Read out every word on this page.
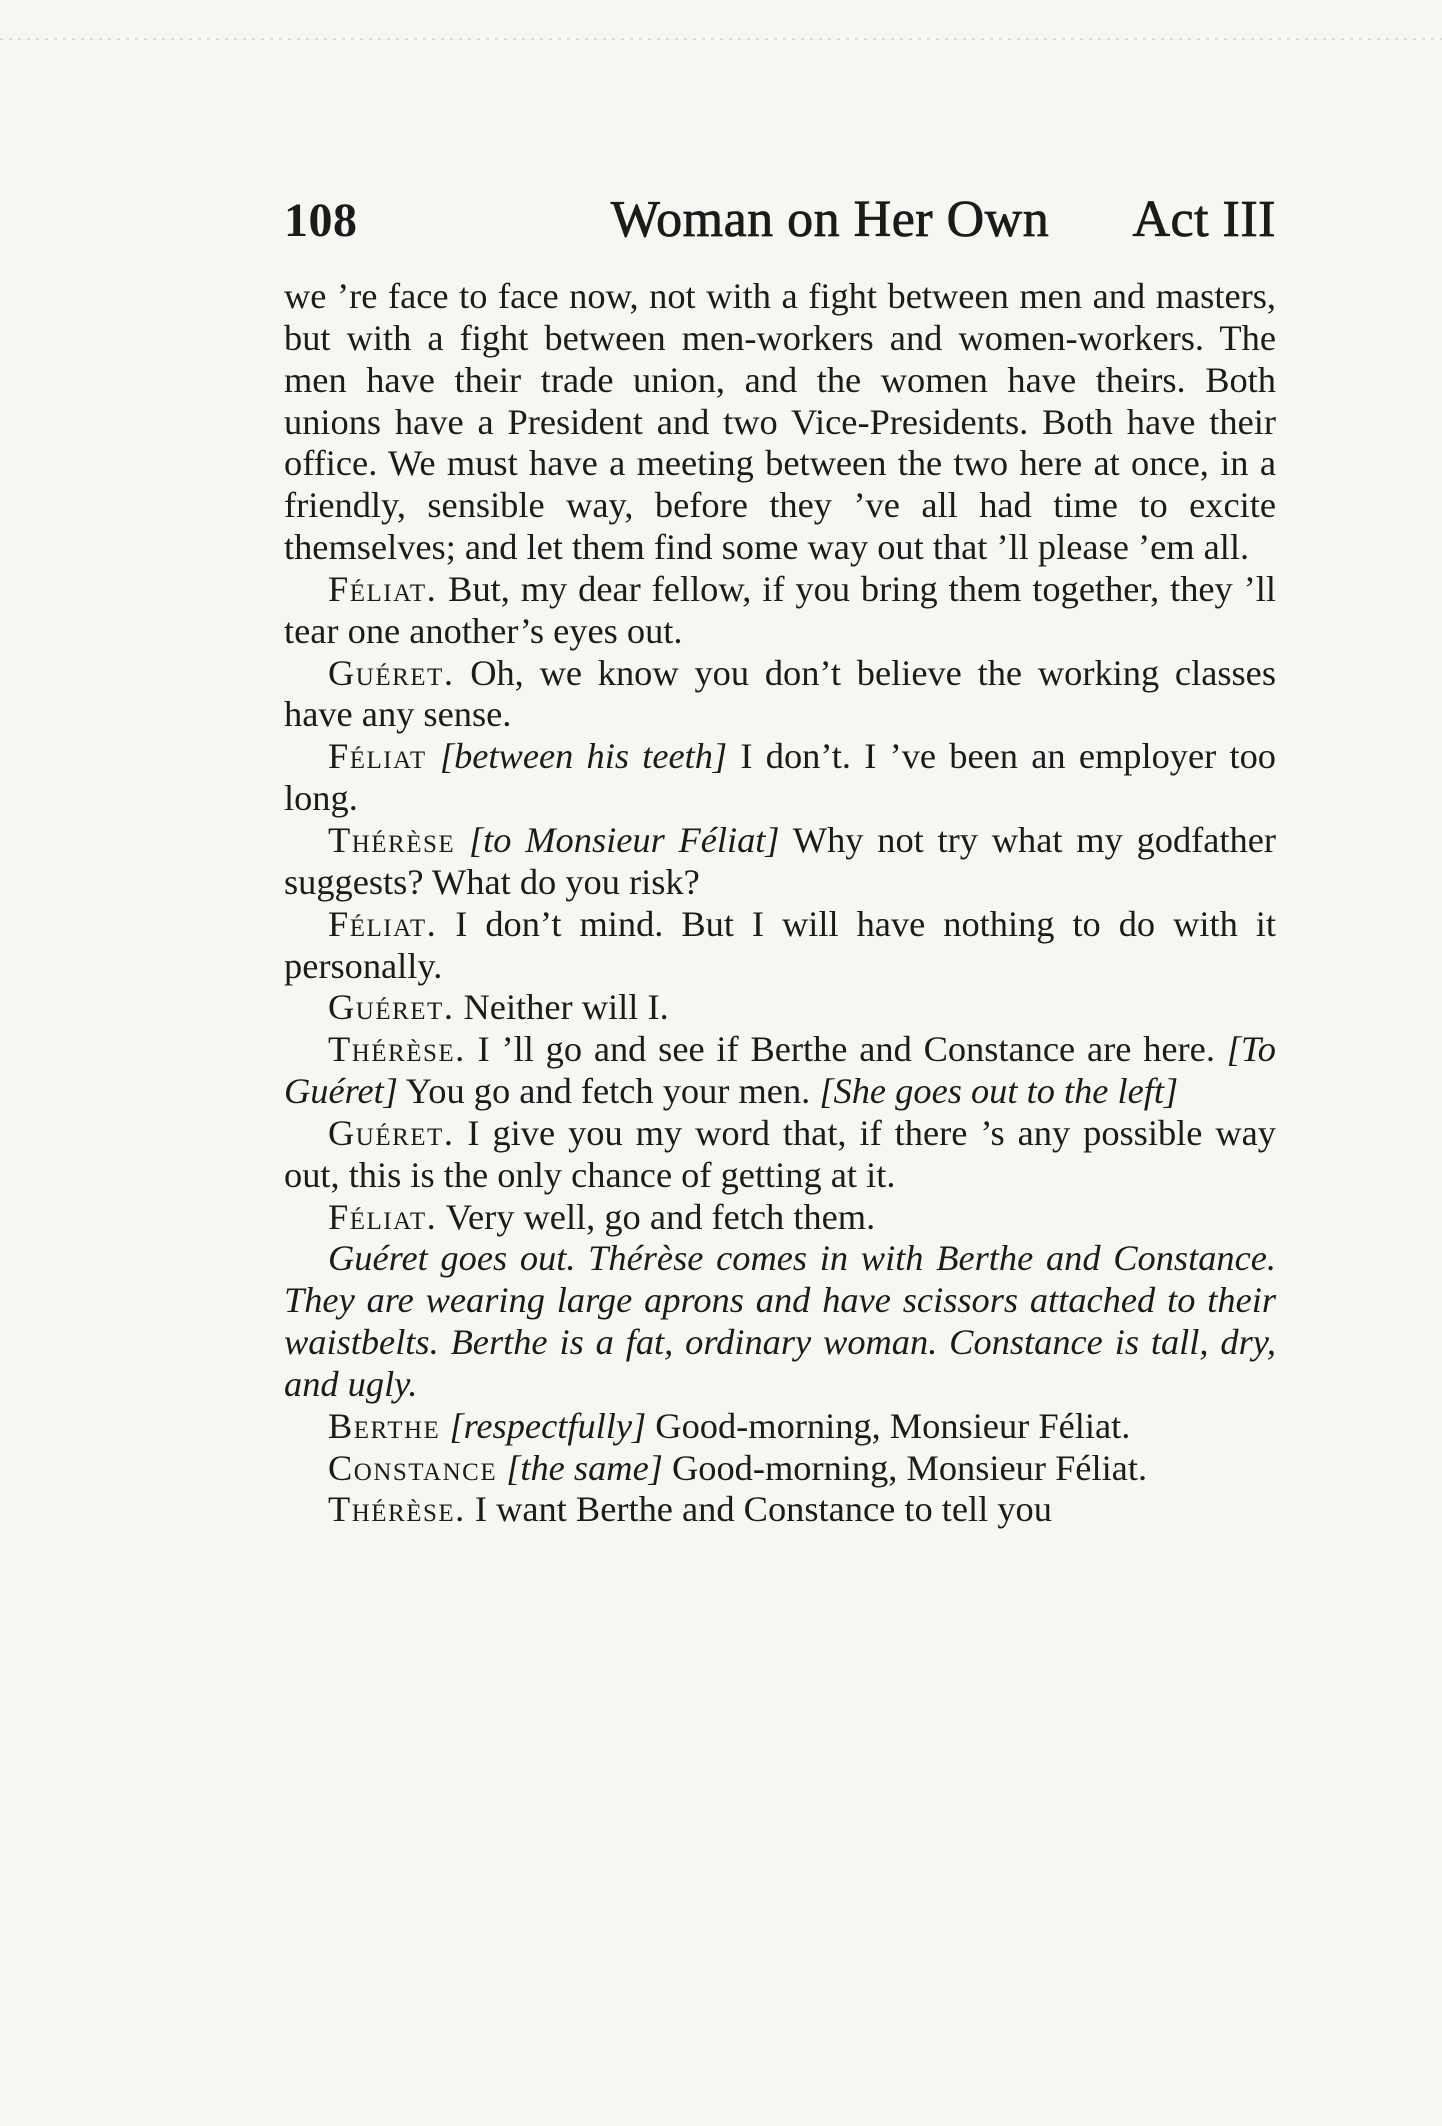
108	Woman on Her Own Act III

we ’re face to face now, not with a fight between men and masters, but with a fight between men-workers and women-workers. The men have their trade union, and the women have theirs. Both unions have a President and two Vice-Presidents. Both have their office. We must have a meeting between the two here at once, in a friendly, sensible way, before they ’ve all had time to excite themselves; and let them find some way out that ’ll please ’em all.

Féliat. But, my dear fellow, if you bring them together, they ’ll tear one another’s eyes out.

Guéret. Oh, we know you don’t believe the working classes have any sense.

Féliat [between his teeth] I don’t. I ’ve been an employer too long.

Thérèse [to Monsieur Féliat] Why not try what my godfather suggests? What do you risk?

Féliat. I don’t mind. But I will have nothing to do with it personally.

Guéret. Neither will I.

Thérèse. I ’ll go and see if Berthe and Constance are here. [To Guéret] You go and fetch your men. [She goes out to the left]

Guéret. I give you my word that, if there ’s any possible way out, this is the only chance of getting at it.

Féliat. Very well, go and fetch them.

Guéret goes out. Thérèse comes in with Berthe and Constance. They are wearing large aprons and have scissors attached to their waistbelts. Berthe is a fat, ordinary woman. Constance is tall, dry, and ugly.

Berthe [respectfully] Good-morning, Monsieur Féliat.

Constance [the same] Good-morning, Monsieur Féliat.

Thérèse. I want Berthe and Constance to tell you
